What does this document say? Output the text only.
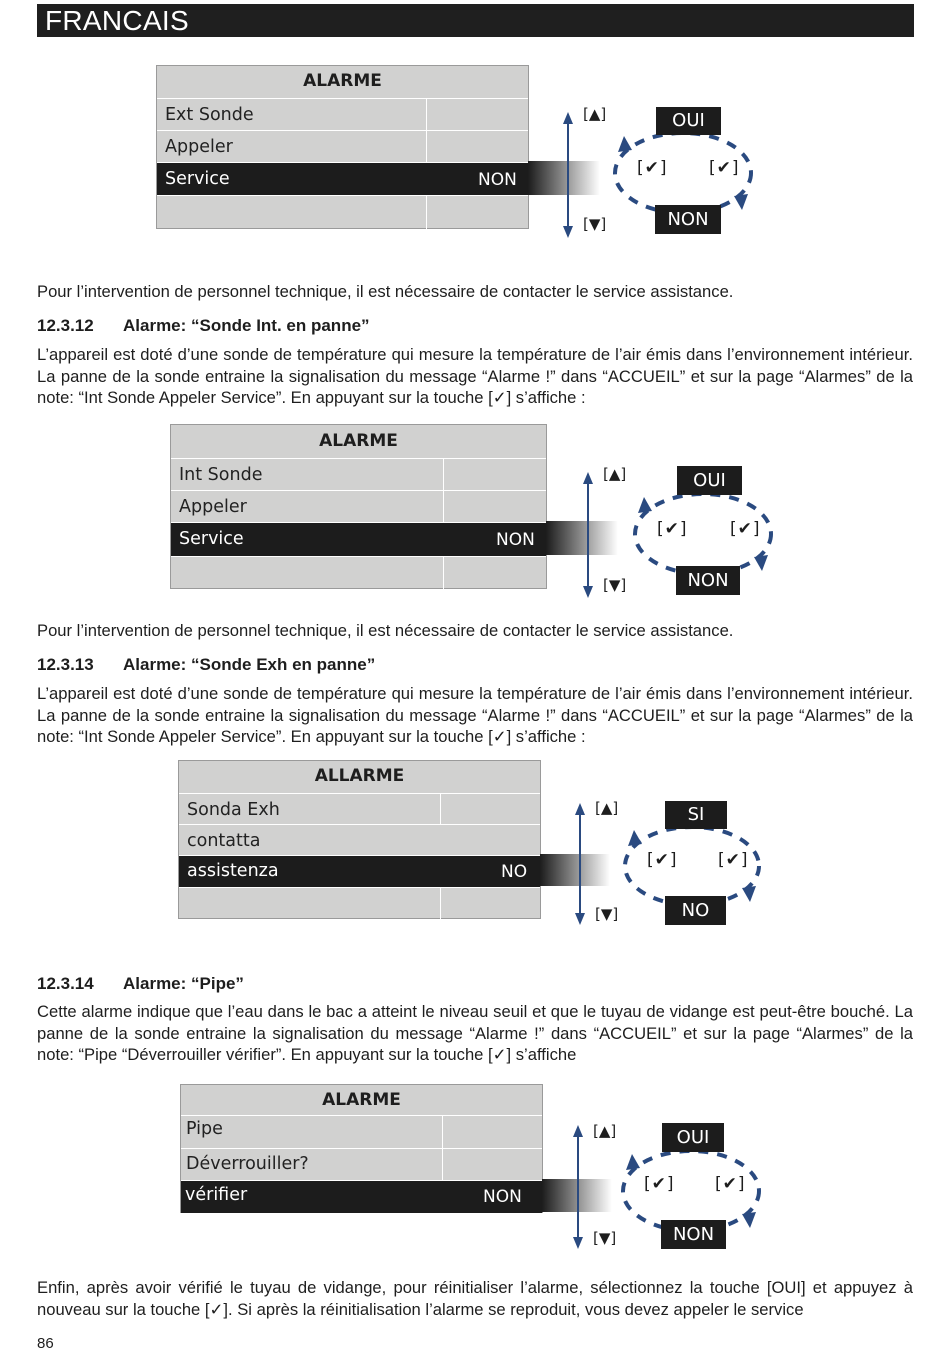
FRANCAIS
ALARME
Ext Sonde
Appeler
Service	NON
[▲]
[▼]
OUI
NON
[✔] [✔]
Pour l’intervention de personnel technique, il est nécessaire de contacter le service assistance.
12.3.12 Alarme: “Sonde Int. en panne”
L’appareil est doté d’une sonde de température qui mesure la température de l’air émis dans l’environnement intérieur. La panne de la sonde entraine la signalisation du message “Alarme !” dans “ACCUEIL” et sur la page “Alarmes” de la note: “Int Sonde Appeler Service”. En appuyant sur la touche [✓] s’affiche :
ALARME
Int Sonde
Appeler
Service	NON
[▲]
[▼]
OUI
NON
[✔] [✔]
Pour l’intervention de personnel technique, il est nécessaire de contacter le service assistance.
12.3.13 Alarme: “Sonde Exh en panne”
L’appareil est doté d’une sonde de température qui mesure la température de l’air émis dans l’environnement intérieur. La panne de la sonde entraine la signalisation du message “Alarme !” dans “ACCUEIL” et sur la page “Alarmes” de la note: “Int Sonde Appeler Service”. En appuyant sur la touche [✓] s’affiche :
ALLARME
Sonda Exh
contatta
assistenza	NO
[▲]
[▼]
SI
NO
[✔] [✔]
12.3.14 Alarme: “Pipe”
Cette alarme indique que l’eau dans le bac a atteint le niveau seuil et que le tuyau de vidange est peut-être bouché. La panne de la sonde entraine la signalisation du message “Alarme !” dans “ACCUEIL” et sur la page “Alarmes” de la note: “Pipe “Déverrouiller vérifier”. En appuyant sur la touche [✓] s’affiche
ALARME
Pipe
Déverrouiller?
vérifier	NON
[▲]
[▼]
OUI
NON
[✔] [✔]
Enfin, après avoir vérifié le tuyau de vidange, pour réinitialiser l’alarme, sélectionnez la touche [OUI] et appuyez à nouveau sur la touche [✓]. Si après la réinitialisation l’alarme se reproduit, vous devez appeler le service
86
